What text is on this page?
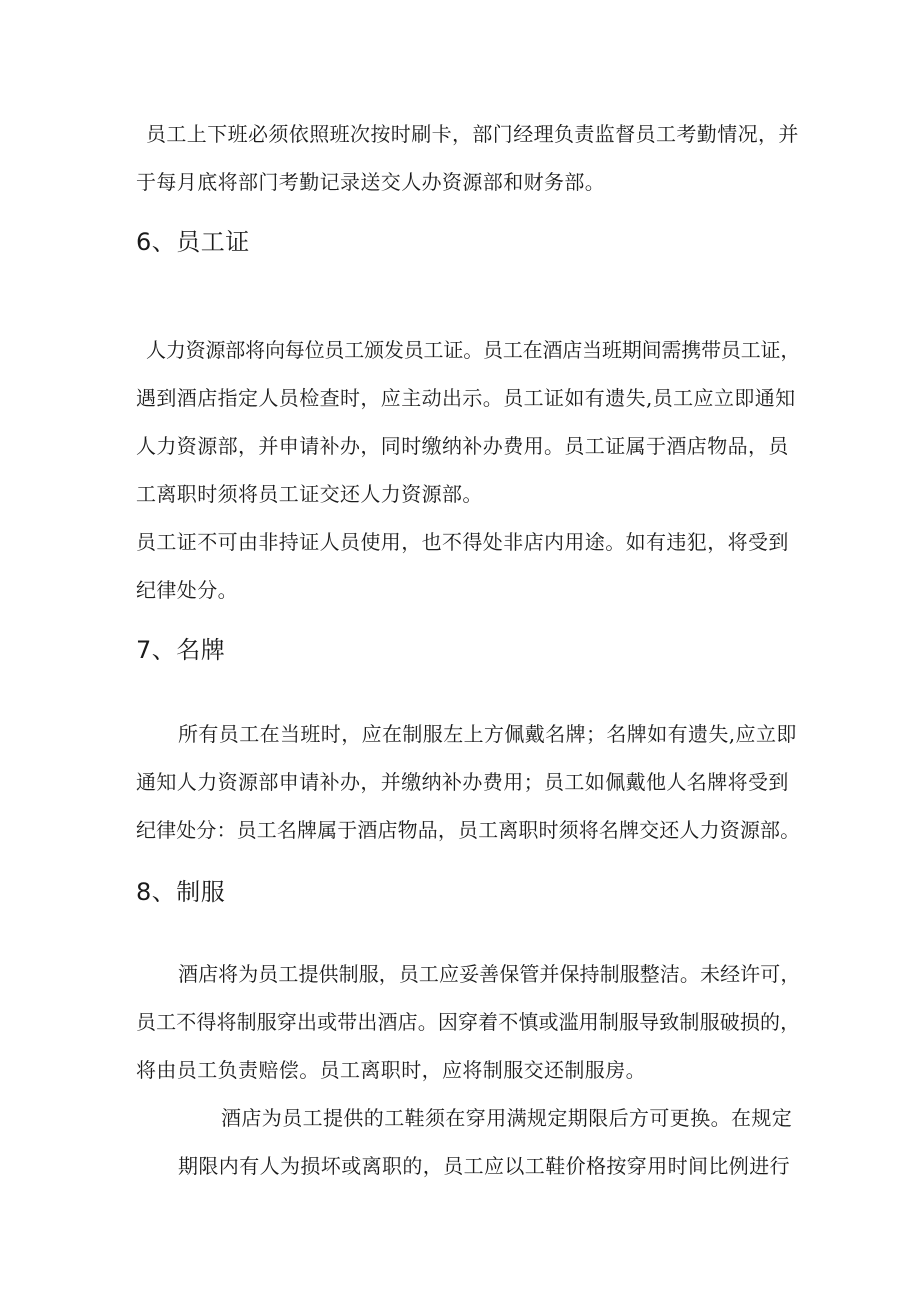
员工上下班必须依照班次按时刷卡，部门经理负责监督员工考勤情况，并
于每月底将部门考勤记录送交人办资源部和财务部。
6、员工证
人力资源部将向每位员工颁发员工证。员工在酒店当班期间需携带员工证，
遇到酒店指定人员检查时，应主动出示。员工证如有遗失,员工应立即通知
人力资源部，并申请补办，同时缴纳补办费用。员工证属于酒店物品，员
工离职时须将员工证交还人力资源部。
员工证不可由非持证人员使用，也不得处非店内用途。如有违犯，将受到
纪律处分。
7、名牌
所有员工在当班时，应在制服左上方佩戴名牌；名牌如有遗失,应立即
通知人力资源部申请补办，并缴纳补办费用；员工如佩戴他人名牌将受到
纪律处分：员工名牌属于酒店物品，员工离职时须将名牌交还人力资源部。
8、制服
酒店将为员工提供制服，员工应妥善保管并保持制服整洁。未经许可，
员工不得将制服穿出或带出酒店。因穿着不慎或滥用制服导致制服破损的，
将由员工负责赔偿。员工离职时，应将制服交还制服房。
酒店为员工提供的工鞋须在穿用满规定期限后方可更换。在规定
期限内有人为损坏或离职的，员工应以工鞋价格按穿用时间比例进行
